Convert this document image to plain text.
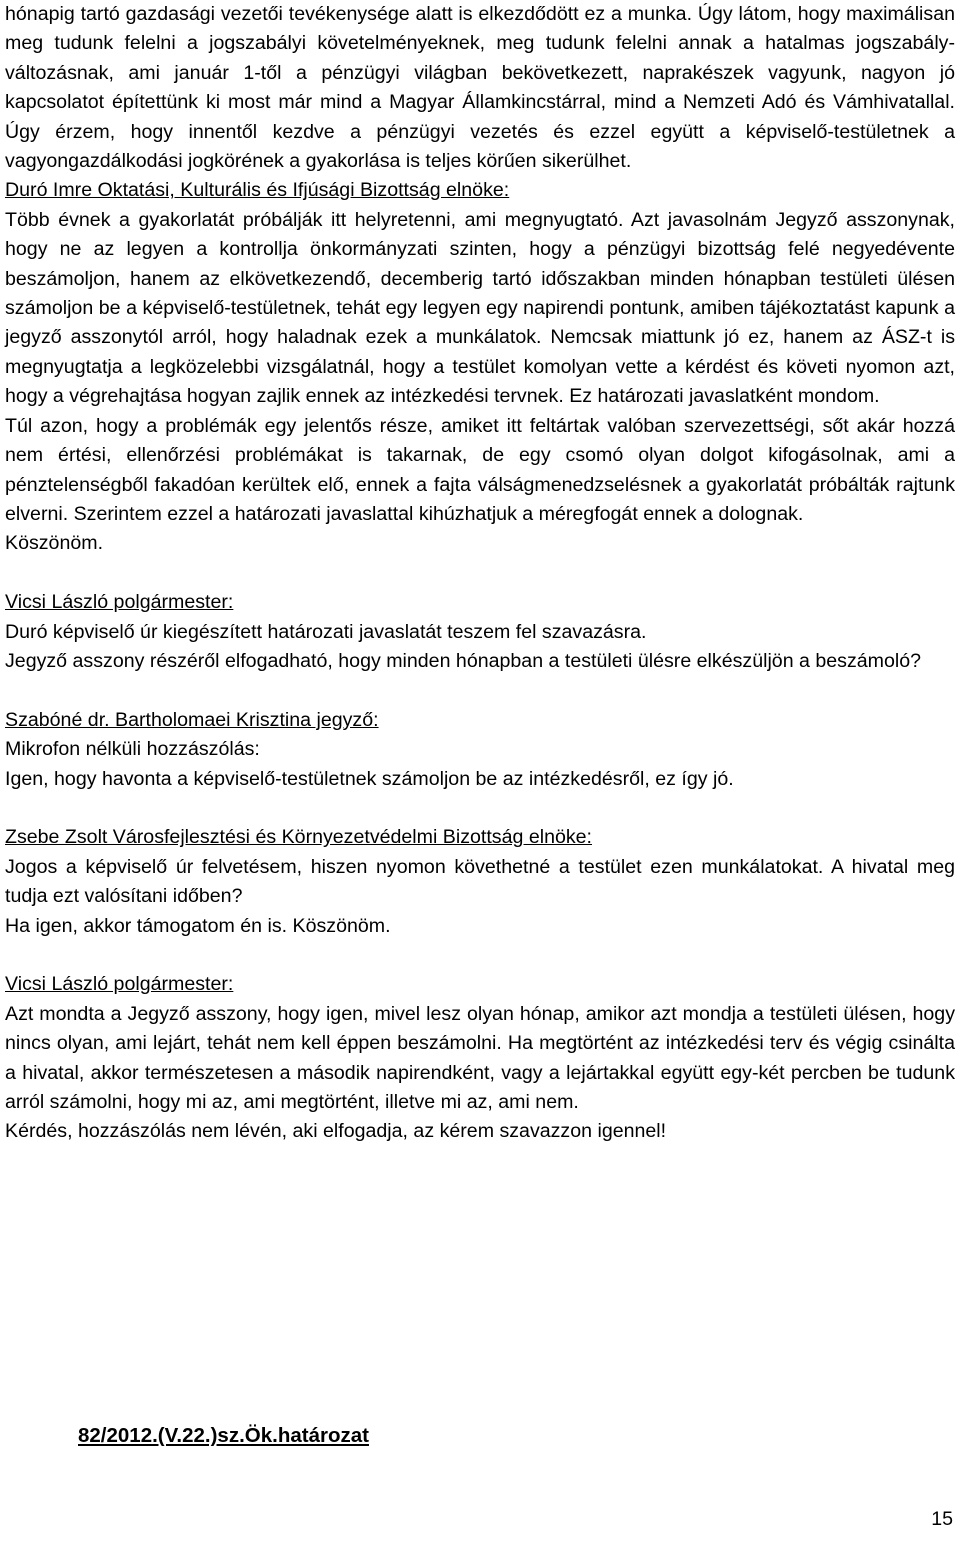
hónapig tartó gazdasági vezetői tevékenysége alatt is elkezdődött ez a munka. Úgy látom, hogy maximálisan meg tudunk felelni a jogszabályi követelményeknek, meg tudunk felelni annak a hatalmas jogszabály-változásnak, ami január 1-től a pénzügyi világban bekövetkezett, naprakészek vagyunk, nagyon jó kapcsolatot építettünk ki most már mind a Magyar Államkincstárral, mind a Nemzeti Adó és Vámhivatallal. Úgy érzem, hogy innentől kezdve a pénzügyi vezetés és ezzel együtt a képviselő-testületnek a vagyongazdálkodási jogkörének a gyakorlása is teljes körűen sikerülhet.

Duró Imre Oktatási, Kulturális és Ifjúsági Bizottság elnöke:

Több évnek a gyakorlatát próbálják itt helyretenni, ami megnyugtató. Azt javasolnám Jegyző asszonynak, hogy ne az legyen a kontrollja önkormányzati szinten, hogy a pénzügyi bizottság felé negyedévente beszámoljon, hanem az elkövetkezendő, decemberig tartó időszakban minden hónapban testületi ülésen számoljon be a képviselő-testületnek, tehát egy legyen egy napirendi pontunk, amiben tájékoztatást kapunk a jegyző asszonytól arról, hogy haladnak ezek a munkálatok. Nemcsak miattunk jó ez, hanem az ÁSZ-t is megnyugtatja a legközelebbi vizsgálatnál, hogy a testület komolyan vette a kérdést és követi nyomon azt, hogy a végrehajtása hogyan zajlik ennek az intézkedési tervnek. Ez határozati javaslatként mondom.

Túl azon, hogy a problémák egy jelentős része, amiket itt feltártak valóban szervezettségi, sőt akár hozzá nem értési, ellenőrzési problémákat is takarnak, de egy csomó olyan dolgot kifogásolnak, ami a pénztelenségből fakadóan kerültek elő, ennek a fajta válságmenedzselésnek a gyakorlatát próbálták rajtunk elverni. Szerintem ezzel a határozati javaslattal kihúzhatjuk a méregfogát ennek a dolognak.

Köszönöm.

Vicsi László polgármester:

Duró képviselő úr kiegészített határozati javaslatát teszem fel szavazásra.

Jegyző asszony részéről elfogadható, hogy minden hónapban a testületi ülésre elkészüljön a beszámoló?

Szabóné dr. Bartholomaei Krisztina jegyző:

Mikrofon nélküli hozzászólás:

Igen, hogy havonta a képviselő-testületnek számoljon be az intézkedésről, ez így jó.

Zsebe Zsolt Városfejlesztési és Környezetvédelmi Bizottság elnöke:

Jogos a képviselő úr felvetésem, hiszen nyomon követhetné a testület ezen munkálatokat. A hivatal meg tudja ezt valósítani időben?

Ha igen, akkor támogatom én is. Köszönöm.

Vicsi László polgármester:

Azt mondta a Jegyző asszony, hogy igen, mivel lesz olyan hónap, amikor azt mondja a testületi ülésen, hogy nincs olyan, ami lejárt, tehát nem kell éppen beszámolni. Ha megtörtént az intézkedési terv és végig csinálta a hivatal, akkor természetesen a második napirendként, vagy a lejártakkal együtt egy-két percben be tudunk arról számolni, hogy mi az, ami megtörtént, illetve mi az, ami nem.

Kérdés, hozzászólás nem lévén, aki elfogadja, az kérem szavazzon igennel!

82/2012.(V.22.)sz.Ök.határozat
15
